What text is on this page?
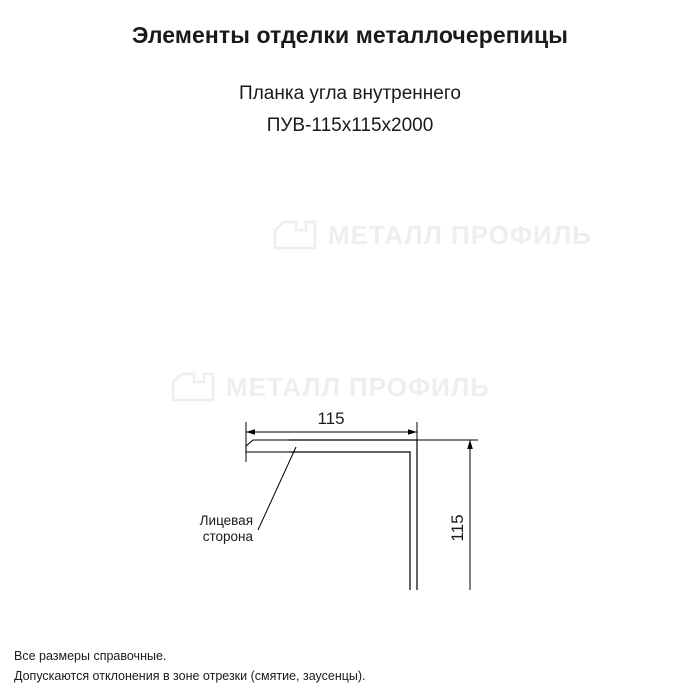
Элементы отделки металлочерепицы
Планка угла внутреннего
ПУВ-115х115х2000
МЕТАЛЛ ПРОФИЛЬ
МЕТАЛЛ ПРОФИЛЬ
115
Лицевая
сторона	115
Все размеры справочные.
Допускаются отклонения в зоне отрезки (смятие, заусенцы).
